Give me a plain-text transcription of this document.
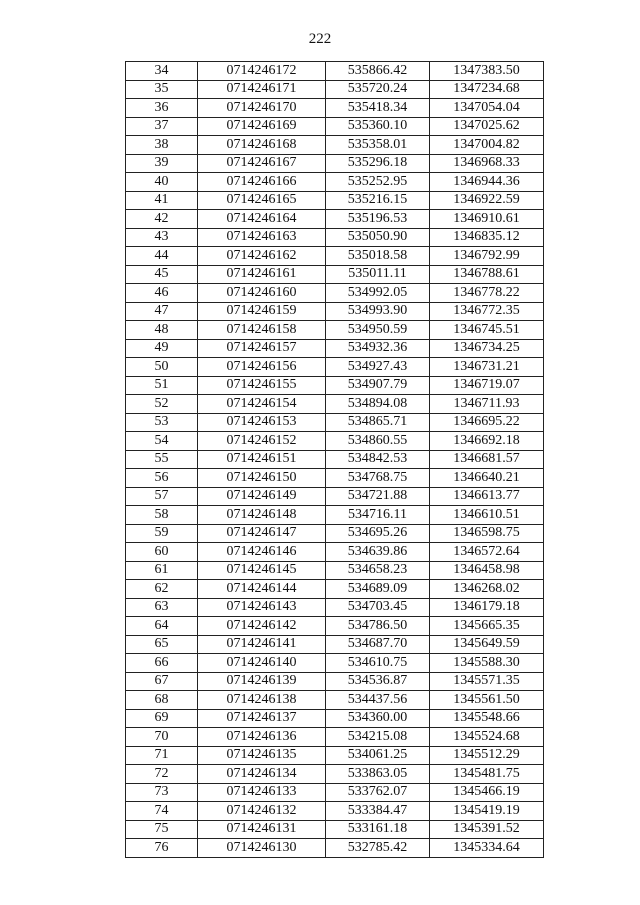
222
34	0714246172	535866.42	1347383.50
35	0714246171	535720.24	1347234.68
36	0714246170	535418.34	1347054.04
37	0714246169	535360.10	1347025.62
38	0714246168	535358.01	1347004.82
39	0714246167	535296.18	1346968.33
40	0714246166	535252.95	1346944.36
41	0714246165	535216.15	1346922.59
42	0714246164	535196.53	1346910.61
43	0714246163	535050.90	1346835.12
44	0714246162	535018.58	1346792.99
45	0714246161	535011.11	1346788.61
46	0714246160	534992.05	1346778.22
47	0714246159	534993.90	1346772.35
48	0714246158	534950.59	1346745.51
49	0714246157	534932.36	1346734.25
50	0714246156	534927.43	1346731.21
51	0714246155	534907.79	1346719.07
52	0714246154	534894.08	1346711.93
53	0714246153	534865.71	1346695.22
54	0714246152	534860.55	1346692.18
55	0714246151	534842.53	1346681.57
56	0714246150	534768.75	1346640.21
57	0714246149	534721.88	1346613.77
58	0714246148	534716.11	1346610.51
59	0714246147	534695.26	1346598.75
60	0714246146	534639.86	1346572.64
61	0714246145	534658.23	1346458.98
62	0714246144	534689.09	1346268.02
63	0714246143	534703.45	1346179.18
64	0714246142	534786.50	1345665.35
65	0714246141	534687.70	1345649.59
66	0714246140	534610.75	1345588.30
67	0714246139	534536.87	1345571.35
68	0714246138	534437.56	1345561.50
69	0714246137	534360.00	1345548.66
70	0714246136	534215.08	1345524.68
71	0714246135	534061.25	1345512.29
72	0714246134	533863.05	1345481.75
73	0714246133	533762.07	1345466.19
74	0714246132	533384.47	1345419.19
75	0714246131	533161.18	1345391.52
76	0714246130	532785.42	1345334.64
